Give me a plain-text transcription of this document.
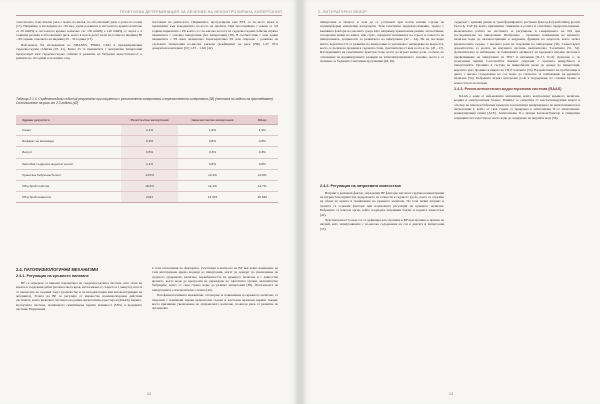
ГЕНЕТИЧНА ДЕТЕРМИНАЦИЯ ЗА ЛЕЧЕНИЕ НА НЕКОНТРОЛИРАНА ХИПЕРТОНИЯ

относително относителен риск с малко по-малък, но абсолютният риск е далеч по-голям (17). Например, в изследване на ~29 хил. души разликата в систолното кръвно налягане от 20 mmHg и систолното кръвно налягане със 130 mmHg е 140 mmHg от свръх е 2 годишна разлика и абсолютният риск, която в почти десет пъти по-голям на индивид 80 – 89 години, отколкото на индивид 50 – 59 години (17).

Най-новите PA изследвания на NHANES, FHOD, CKD и преждевременни сърдечносъдови събития (18, 41). Близо 25 % пациентите с артериална хипертония прогресират към сърдечносъдово събитие и развитие на бъбречна недостатъчност в рамките на 10 години и половина след

поставяне на диагнозата. Пациентите, прогресирали към ЕРЗ, са по-често мъже и преминават към хемодиализа по-често на диализа. При проследяване с данни от 3,8 години пациентите с РХ които са с по-висока честота на сърдечносъдови събития спрямо пациентите с основна хипертония (без хипертония) (38). В съответствие с тези данни пациентите с РХ имат значително характеристика РХ или свързана с развитие на слуховата хипертония по-висока рискова (коефициент на риск [НR] 1,47; 95% доверителен интервал [CI] 1,33 – 1,62) (42).

Таблица 2.1.3. Сърдечносъдови събития резултати при пациенти с резистентна хипертония и нерезистентна хипертония (38) (честота по години на проследяване). Съотношение на риск от 2,3 години (42)
Здрави резултати	Резистентна хипертония	Нерезистентна хипертония	Общо
Смърт	2,1%	1,9%	1,9%
Инфаркт на миокарда	0,9%	0,8%	0,8%
Инсулт	0,5%	0,3%	0,3%
Застойна сърдечна недостатъчност	1,1%	0,8%	0,8%
Хронична бъбречна болест	14,5%	10,4%	10,8%
Общ брой събития	18,2%	14,1%	14,7%
Общ брой пациенти	2321	13 315	16 636
2.4. ПАТОФИЗИОЛОГИЧНИ МЕХАНИЗМИ
2.4.1. Регулация на кръвното налягане

ВР се определя от няколко параметъра на сърдечносъдовата система, като обем на кръвта и сърдечния дебит (количеството кръв, изтласквана от сърцето в 1 минута), като и от процесите на съдовия тонус (количество и на вазодилатация или вазоконстрикция на артериите). Ролята на ВР се регулира от множество взаимносвързани действия системите, които включват системата на ренин-ангиотензин-алдостерон (RAAS), нервно-мускулната система, повишената симпатикова нервна активност (SNS) и вродените системи. Нарушения

в тези отклонения на факторите, участващи в контрола на ВР във всяко изменение на тази интегрирана мрежа водещи до хипертония, могат да доведат до увеличаване на средното артериално налягане, вариабилността на кръвното налягане и с давностна времето, което води до прогресия на увреждане на таргетните органи, включително бъбреците, които от своя страна може да развият хипертония (38). Патогенезата на хипертонията е изключително сложна (42).

Патофизиологичните механизми, отговорни за повишаване на кръвното налягане, са свързани с повишени мрежи кръвоносни съдове и клетъчни мрежови нервни тъкани, което причинява увеличаване на артериалното налягане, по-висок риск от развитие на артериална

12
2. ЛИТЕРАТУРЕН ОБЗОР

хипертония и тяхното и тези да се установят при почти всички случаи на полимерформи изменения васкуларни. Тези генетични предразположения, заедно с външните фактори на околната среда, като например хранителния режим, затлъстяване, заседналия начин на живот, или стрес, определят величината на стреса и тежестта на хипертонията, доприносят за развитието на хипертония (42 – 44). Не на последно място, вероятността от развитие на хипертония се увеличава с напредване на възрастта, което се дължи на промени в съдовата стена, чувствителност към солта и т.н. (45 – 47). Изследванията на генетичните фактори също могат да играят важна роля, особено по отношение на индивидуалните реакции на антихипертензивното лечение, което е от значение за бъдещите генетични проучвания (48, 49).

2.4.2. Регулация на натриевата хомеостаза

Натрият е решаващ фактор, определящ ВР фактори, високата серумна концентрация на натрия благоприятства задържането на течности в съдовото русло, което се отразява на обема на кръвта и повишаване на кръвното налягане. По този начин натрият и храната са основни фактори при нормалната регулация на кръвното налягане. Бъбреците са ключов орган, който поддържа натриевия баланс и водната хомеостаза (42).

Чувствителността към сол се дефинира като промяна в ВР при промяна в приема на натрий, като хипертониците с по-високо съдържание на сол в диетата и хипертония (55).

съдържат с еднакви данни за трансформирането растежен фактор-β (transforming growth factor-β, TGF-β), които причиняват снижение в ролята и генетично предразположение, включително ролята на системата за регулиране и генерирането на NO при последователно на хипертония. Изобразено – хронично повишаване на кръвното налягане води до вазоконстрикция и нарушена функция на ендотела, която засяга кръвоносните съдове, с неговата роля на отделение на хипертония (50). Съществуват доказателства за ролята на имунната система, включително Т-клетките (51, 52). Допълнително се наблюдава, че повишената активност на вродената имунна система в предизвикване на хипертония по TH17 и цитокини (IL-17, IL-6). Доказано е, че трансгенни мишки Lactobacillus murinus свързани с чревната микробиота и хипертонията. Промяна в състава на микробиома може да доведе до хипертония, вероятно чрез промяна в нивата на ТН17 клетките (53). Въздействието на пробиотици и диета с високо съдържание на сол може да спомогне за понижаване на кръвното налягане (54). Бъбреците играят централна роля в поддържане на солевия баланс и хомеостазата на натрия.

2.4.3. Ренин-ангиотензин-алдостеронова система (RAAS)

RAAS е един от най-важните механизми, които контролират кръвното налягане, водния и електролитния баланс. Ренинът се секретира от юкстагломерулния апарат в отговор на намален бъбречен кръвоток и катализира превръщането на ангиотензиноген в ангиотензин I, който от своя страна се превръща в ангиотензин II от ангиотензин-конвертиращия ензим (ACE). Ангиотензин II е мощен вазоконстриктор и стимулира секрецията на алдостерон, което води до задържане на натрий и вода (56).

13
